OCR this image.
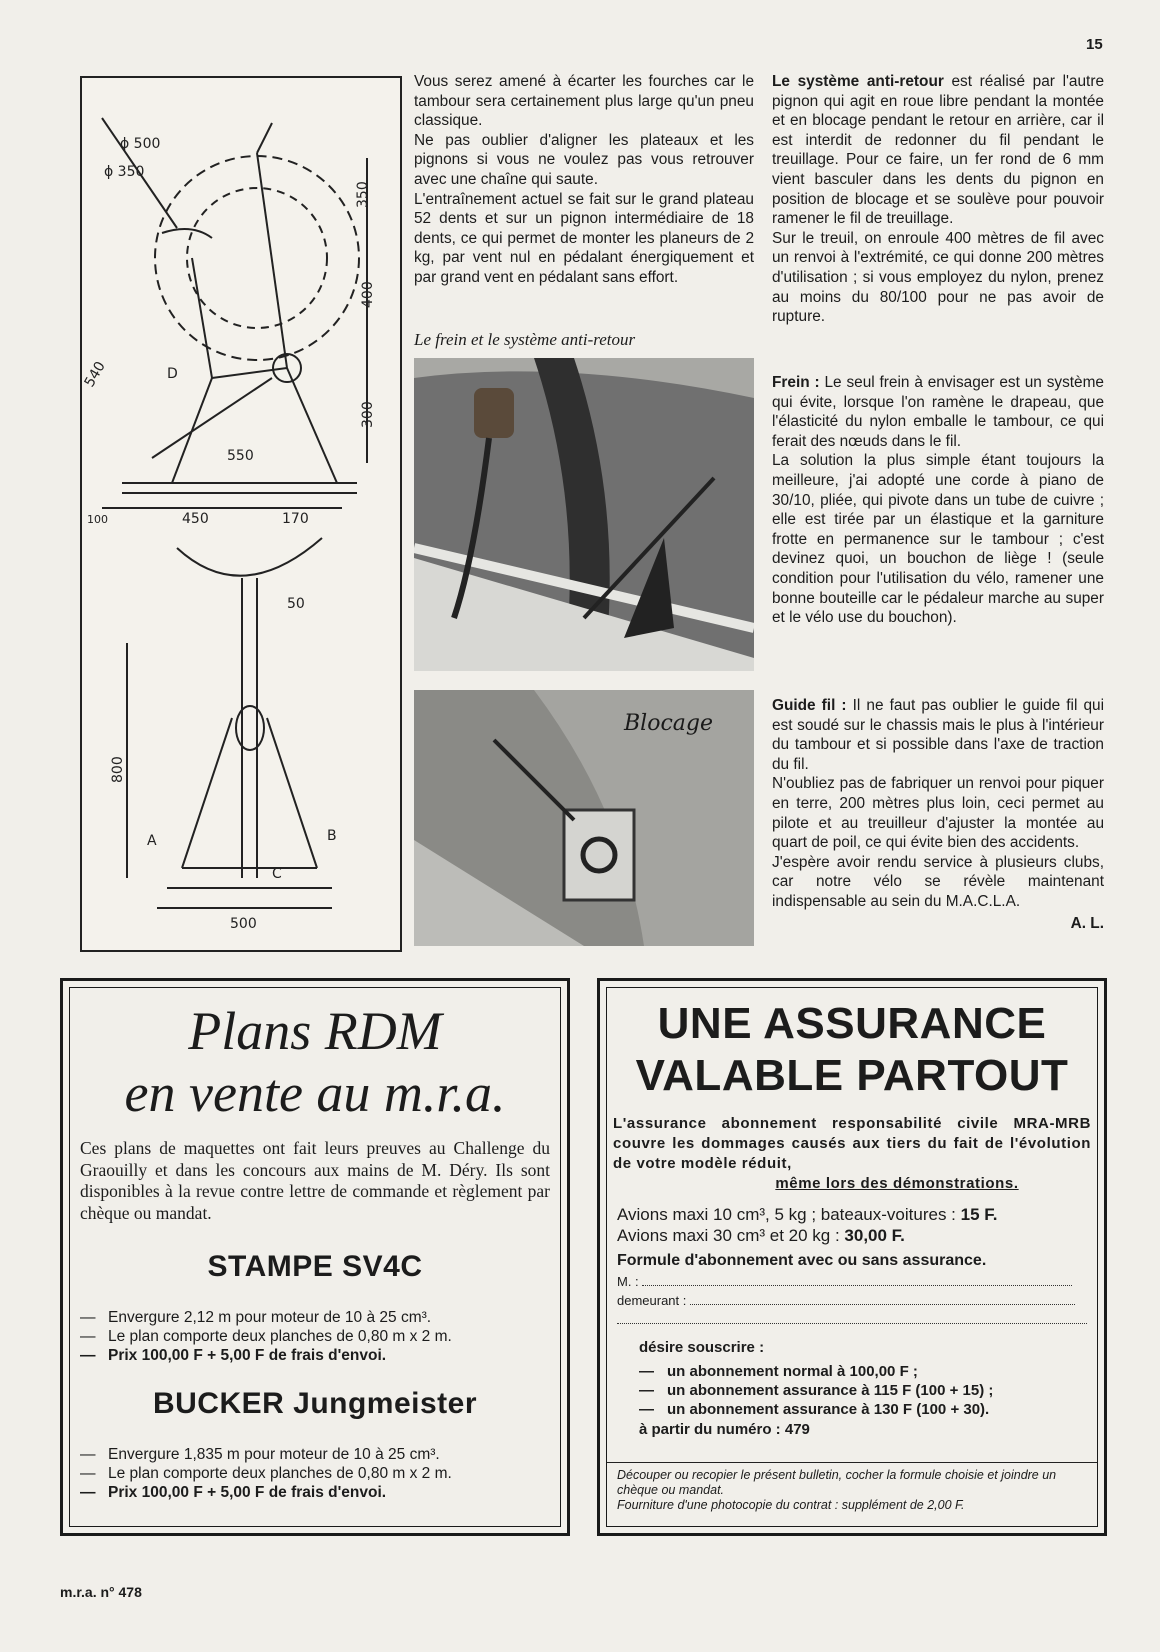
15
ϕ 500
ϕ 350
350
400
300
540	D
550
100	450	170
50
800
A	B
C
500

Vous serez amené à écarter les fourches car le tambour sera certainement plus large qu'un pneu classique.

Ne pas oublier d'aligner les plateaux et les pignons si vous ne voulez pas vous retrouver avec une chaîne qui saute.

L'entraînement actuel se fait sur le grand plateau 52 dents et sur un pignon intermédiaire de 18 dents, ce qui permet de monter les planeurs de 2 kg, par vent nul en pédalant énergiquement et par grand vent en pédalant sans effort.

Le frein et le système anti-retour
Blocage

Le système anti-retour est réalisé par l'autre pignon qui agit en roue libre pendant la montée et en blocage pendant le retour en arrière, car il est interdit de redonner du fil pendant le treuillage. Pour ce faire, un fer rond de 6 mm vient basculer dans les dents du pignon en position de blocage et se soulève pour pouvoir ramener le fil de treuillage.

Sur le treuil, on enroule 400 mètres de fil avec un renvoi à l'extrémité, ce qui donne 200 mètres d'utilisation ; si vous employez du nylon, prenez au moins du 80/100 pour ne pas avoir de rupture.

Frein : Le seul frein à envisager est un système qui évite, lorsque l'on ramène le drapeau, que l'élasticité du nylon emballe le tambour, ce qui ferait des nœuds dans le fil.

La solution la plus simple étant toujours la meilleure, j'ai adopté une corde à piano de 30/10, pliée, qui pivote dans un tube de cuivre ; elle est tirée par un élastique et la garniture frotte en permanence sur le tambour ; c'est devinez quoi, un bouchon de liège ! (seule condition pour l'utilisation du vélo, ramener une bonne bouteille car le pédaleur marche au super et le vélo use du bouchon).

Guide fil : Il ne faut pas oublier le guide fil qui est soudé sur le chassis mais le plus à l'intérieur du tambour et si possible dans l'axe de traction du fil.

N'oubliez pas de fabriquer un renvoi pour piquer en terre, 200 mètres plus loin, ceci permet au pilote et au treuilleur d'ajuster la montée au quart de poil, ce qui évite bien des accidents.

J'espère avoir rendu service à plusieurs clubs, car notre vélo se révèle maintenant indispensable au sein du M.A.C.L.A.

A. L.

Plans RDM
en vente au m.r.a.
Ces plans de maquettes ont fait leurs preuves au Challenge du Graouilly et dans les concours aux mains de M. Déry. Ils sont disponibles à la revue contre lettre de commande et règlement par chèque ou mandat.
STAMPE SV4C
— Envergure 2,12 m pour moteur de 10 à 25 cm³.
— Le plan comporte deux planches de 0,80 m x 2 m.
— Prix 100,00 F + 5,00 F de frais d'envoi.
BUCKER Jungmeister
— Envergure 1,835 m pour moteur de 10 à 25 cm³.
— Le plan comporte deux planches de 0,80 m x 2 m.
— Prix 100,00 F + 5,00 F de frais d'envoi.
UNE ASSURANCE
VALABLE PARTOUT
L'assurance abonnement responsabilité civile MRA-MRB couvre les dommages causés aux tiers du fait de l'évolution de votre modèle réduit,
même lors des démonstrations.
Avions maxi 10 cm³, 5 kg ; bateaux-voitures : 15 F.
Avions maxi 30 cm³ et 20 kg : 30,00 F.
Formule d'abonnement avec ou sans assurance.
M. :
demeurant :
désire souscrire :
— un abonnement normal à 100,00 F ;
— un abonnement assurance à 115 F (100 + 15) ;
— un abonnement assurance à 130 F (100 + 30).
à partir du numéro : 479
Découper ou recopier le présent bulletin, cocher la formule choisie et joindre un chèque ou mandat.
Fourniture d'une photocopie du contrat : supplément de 2,00 F.
m.r.a. n° 478
